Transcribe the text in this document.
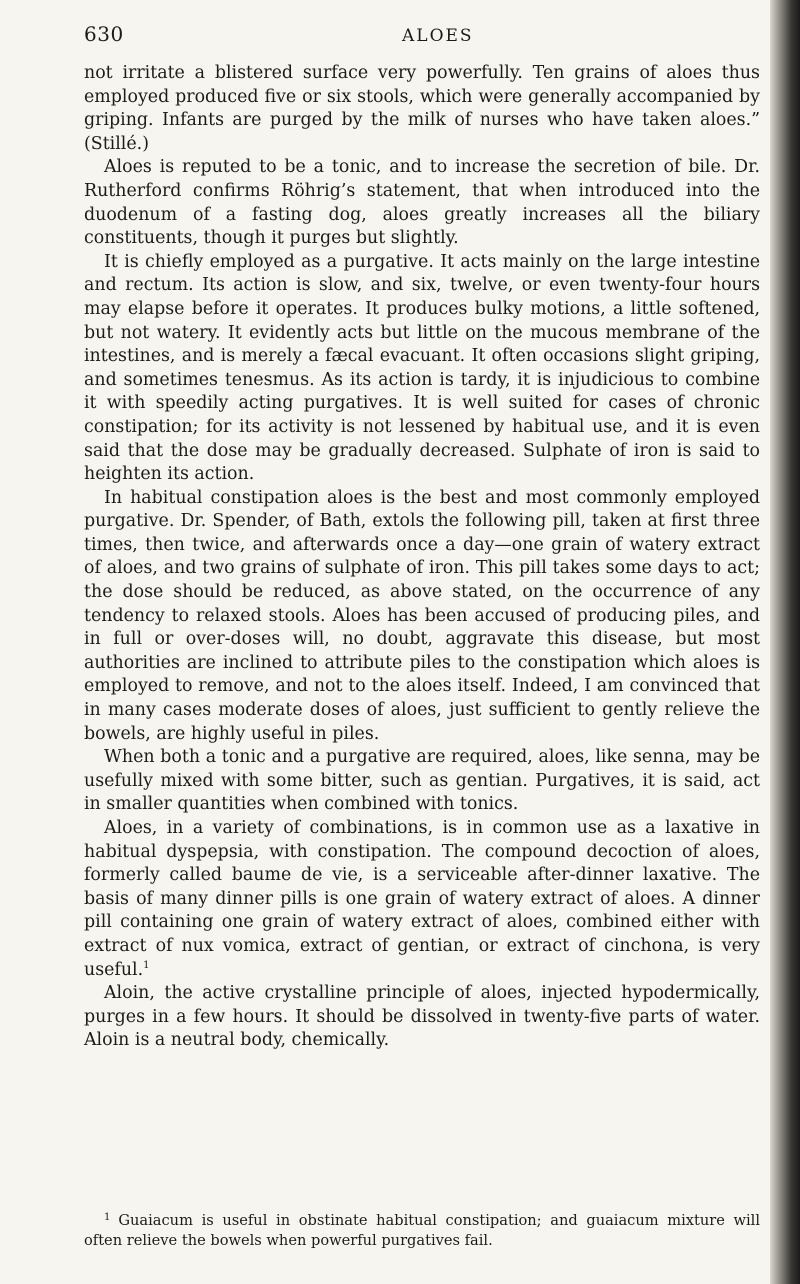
630	ALOES

not irritate a blistered surface very powerfully. Ten grains of aloes thus employed produced five or six stools, which were generally accompanied by griping. Infants are purged by the milk of nurses who have taken aloes.” (Stillé.)

Aloes is reputed to be a tonic, and to increase the secretion of bile. Dr. Rutherford confirms Röhrig’s statement, that when introduced into the duodenum of a fasting dog, aloes greatly increases all the biliary constituents, though it purges but slightly.

It is chiefly employed as a purgative. It acts mainly on the large intestine and rectum. Its action is slow, and six, twelve, or even twenty-four hours may elapse before it operates. It produces bulky motions, a little softened, but not watery. It evidently acts but little on the mucous membrane of the intestines, and is merely a fæcal evacuant. It often occasions slight griping, and sometimes tenesmus. As its action is tardy, it is injudicious to combine it with speedily acting purgatives. It is well suited for cases of chronic constipation; for its activity is not lessened by habitual use, and it is even said that the dose may be gradually decreased. Sulphate of iron is said to heighten its action.

In habitual constipation aloes is the best and most commonly employed purgative. Dr. Spender, of Bath, extols the following pill, taken at first three times, then twice, and afterwards once a day—one grain of watery extract of aloes, and two grains of sulphate of iron. This pill takes some days to act; the dose should be reduced, as above stated, on the occurrence of any tendency to relaxed stools. Aloes has been accused of producing piles, and in full or over-doses will, no doubt, aggravate this disease, but most authorities are inclined to attribute piles to the constipation which aloes is employed to remove, and not to the aloes itself. Indeed, I am convinced that in many cases moderate doses of aloes, just sufficient to gently relieve the bowels, are highly useful in piles.

When both a tonic and a purgative are required, aloes, like senna, may be usefully mixed with some bitter, such as gentian. Purgatives, it is said, act in smaller quantities when combined with tonics.

Aloes, in a variety of combinations, is in common use as a laxative in habitual dyspepsia, with constipation. The compound decoction of aloes, formerly called baume de vie, is a serviceable after-dinner laxative. The basis of many dinner pills is one grain of watery extract of aloes. A dinner pill containing one grain of watery extract of aloes, combined either with extract of nux vomica, extract of gentian, or extract of cinchona, is very useful.$^1$

Aloin, the active crystalline principle of aloes, injected hypodermically, purges in a few hours. It should be dissolved in twenty-five parts of water. Aloin is a neutral body, chemically.

$^1$ Guaiacum is useful in obstinate habitual constipation; and guaiacum mixture will often relieve the bowels when powerful purgatives fail.
